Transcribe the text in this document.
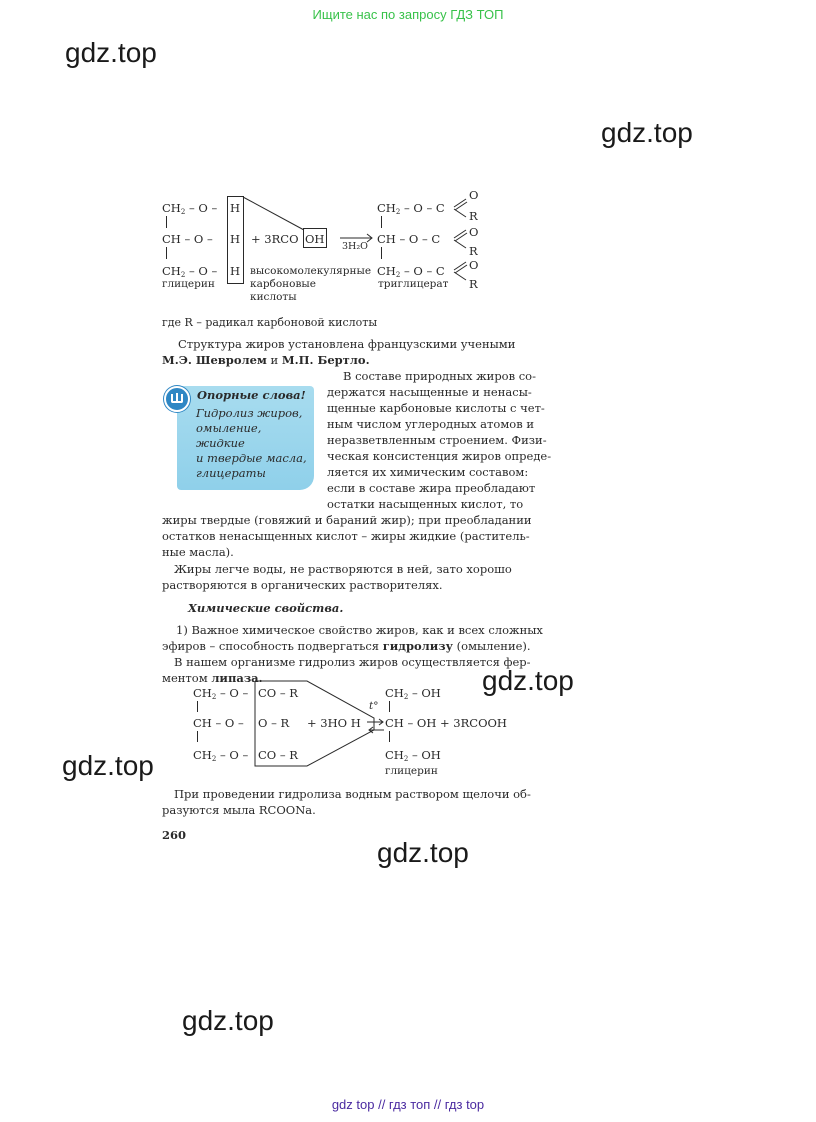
Ищите нас по запросу ГДЗ ТОП
gdz.top
gdz.top
gdz.top
gdz.top
gdz.top
gdz.top
$CH_2$ – O –
CH – O –
$CH_2$ – O –
H
H
H
+ 3RCO OH →
3H₂O
$CH_2$ – O – C
CH – O – C
$CH_2$ – O – C
O
R
O
R
O
R
глицерин
высокомолекулярные
карбоновые
кислоты
триглицерат
где R – радикал карбоновой кислоты
Структура жиров установлена французскими учеными
М.Э. Шевролем и М.П. Бертло.
Опорные слова!
Гидролиз жиров,
омыление,
жидкие
и твердые масла,
глицераты
В составе природных жиров со-
держатся насыщенные и ненасы-
щенные карбоновые кислоты с чет-
ным числом углеродных атомов и
неразветвленным строением. Физи-
ческая консистенция жиров опреде-
ляется их химическим составом:
если в составе жира преобладают
остатки насыщенных кислот, то
жиры твердые (говяжий и бараний жир); при преобладании
остатков ненасыщенных кислот – жиры жидкие (раститель-
ные масла).
Жиры легче воды, не растворяются в ней, зато хорошо
растворяются в органических растворителях.
Химические свойства.
1) Важное химическое свойство жиров, как и всех сложных
эфиров – способность подвергаться гидролизу (омыление).
В нашем организме гидролиз жиров осуществляется фер-
ментом липаза.
$CH_2$ – O –
CH – O –
$CH_2$ – O –
CO – R
O – R
CO – R
+ 3HO H
t°
$CH_2$ – OH
CH – OH + 3RCOOH
$CH_2$ – OH
глицерин
При проведении гидролиза водным раствором щелочи об-
разуются мыла RCOONa.
260
gdz top // гдз топ // гдз top
